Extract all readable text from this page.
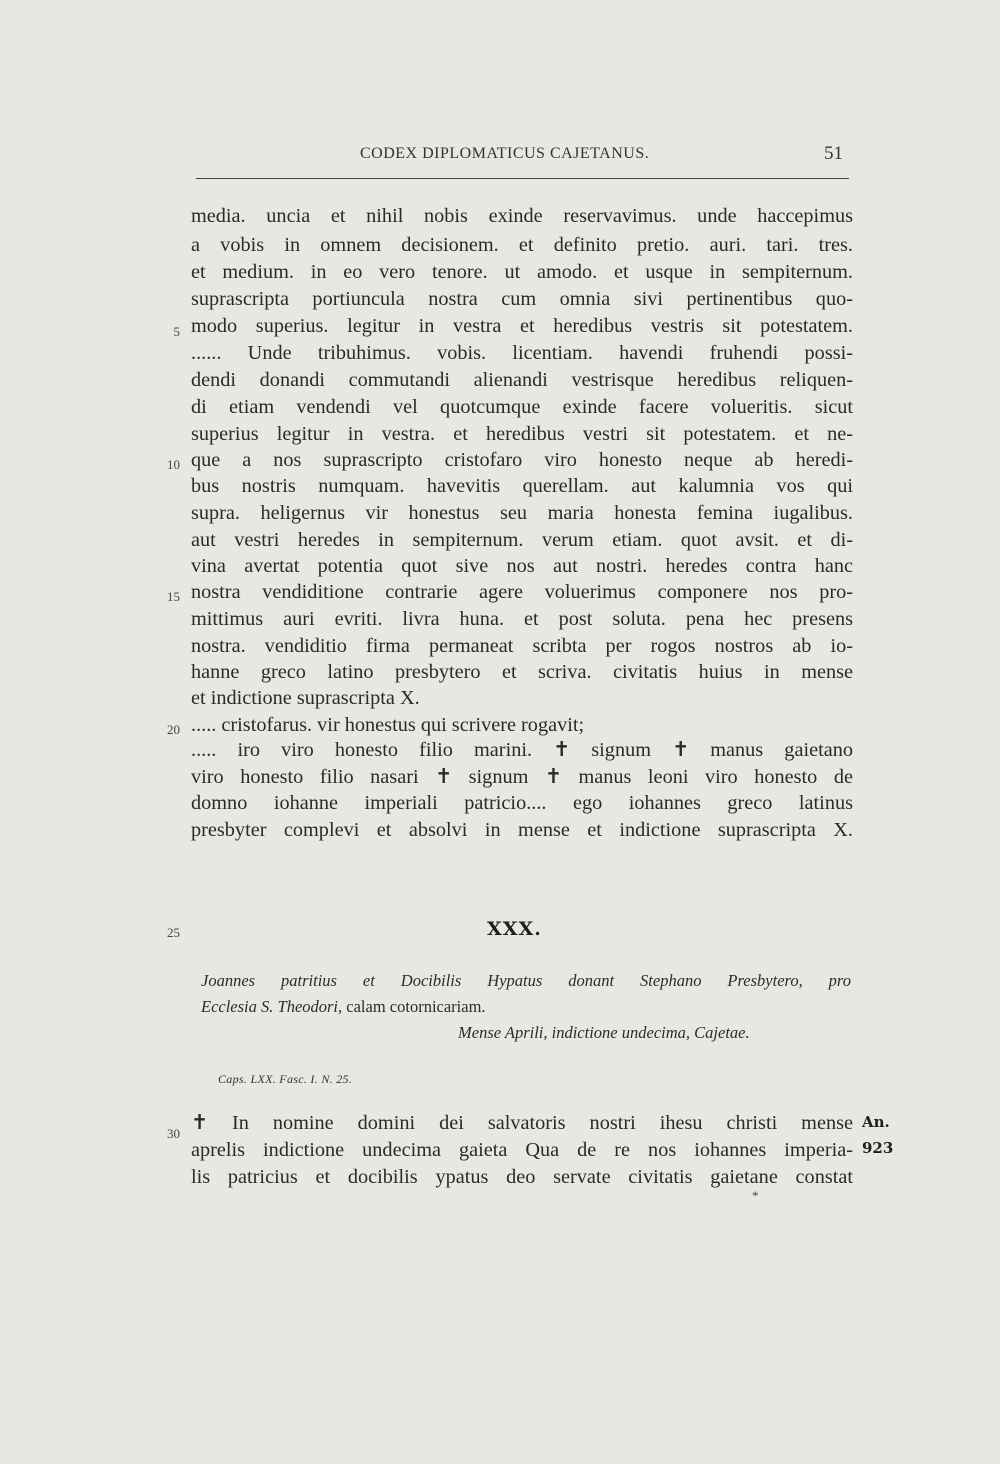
CODEX DIPLOMATICUS CAJETANUS.	51
media. uncia et nihil nobis exinde reservavimus. unde haccepimus
a vobis in omnem decisionem. et definito pretio. auri. tari. tres.
et medium. in eo vero tenore. ut amodo. et usque in sempiternum.
suprascripta portiuncula nostra cum omnia sivi pertinentibus quo-
modo superius. legitur in vestra et heredibus vestris sit potestatem.
...... Unde tribuhimus. vobis. licentiam. havendi fruhendi possi-
dendi donandi commutandi alienandi vestrisque heredibus reliquen-
di etiam vendendi vel quotcumque exinde facere volueritis. sicut
superius legitur in vestra. et heredibus vestri sit potestatem. et ne-
que a nos suprascripto cristofaro viro honesto neque ab heredi-
bus nostris numquam. havevitis querellam. aut kalumnia vos qui
supra. heligernus vir honestus seu maria honesta femina iugalibus.
aut vestri heredes in sempiternum. verum etiam. quot avsit. et di-
vina avertat potentia quot sive nos aut nostri. heredes contra hanc
nostra vendiditione contrarie agere voluerimus componere nos pro-
mittimus auri evriti. livra huna. et post soluta. pena hec presens
nostra. vendiditio firma permaneat scribta per rogos nostros ab io-
hanne greco latino presbytero et scriva. civitatis huius in mense
et indictione suprascripta X.
..... cristofarus. vir honestus qui scrivere rogavit;
..... iro viro honesto filio marini. ✝ signum ✝ manus gaietano
viro honesto filio nasari ✝ signum ✝ manus leoni viro honesto de
domno iohanne imperiali patricio.... ego iohannes greco latinus
presbyter complevi et absolvi in mense et indictione suprascripta X.
5
10
15
20
25
30
XXX.
Joannes patritius et Docibilis Hypatus donant Stephano Presbytero, pro
Ecclesia S. Theodori, calam cotornicariam.
Mense Aprili, indictione undecima, Cajetae.
Caps. LXX. Fasc. I. N. 25.
✝ In nomine domini dei salvatoris nostri ihesu christi mense
aprelis indictione undecima gaieta Qua de re nos iohannes imperia-
lis patricius et docibilis ypatus deo servate civitatis gaietane constat
An.
923
*
